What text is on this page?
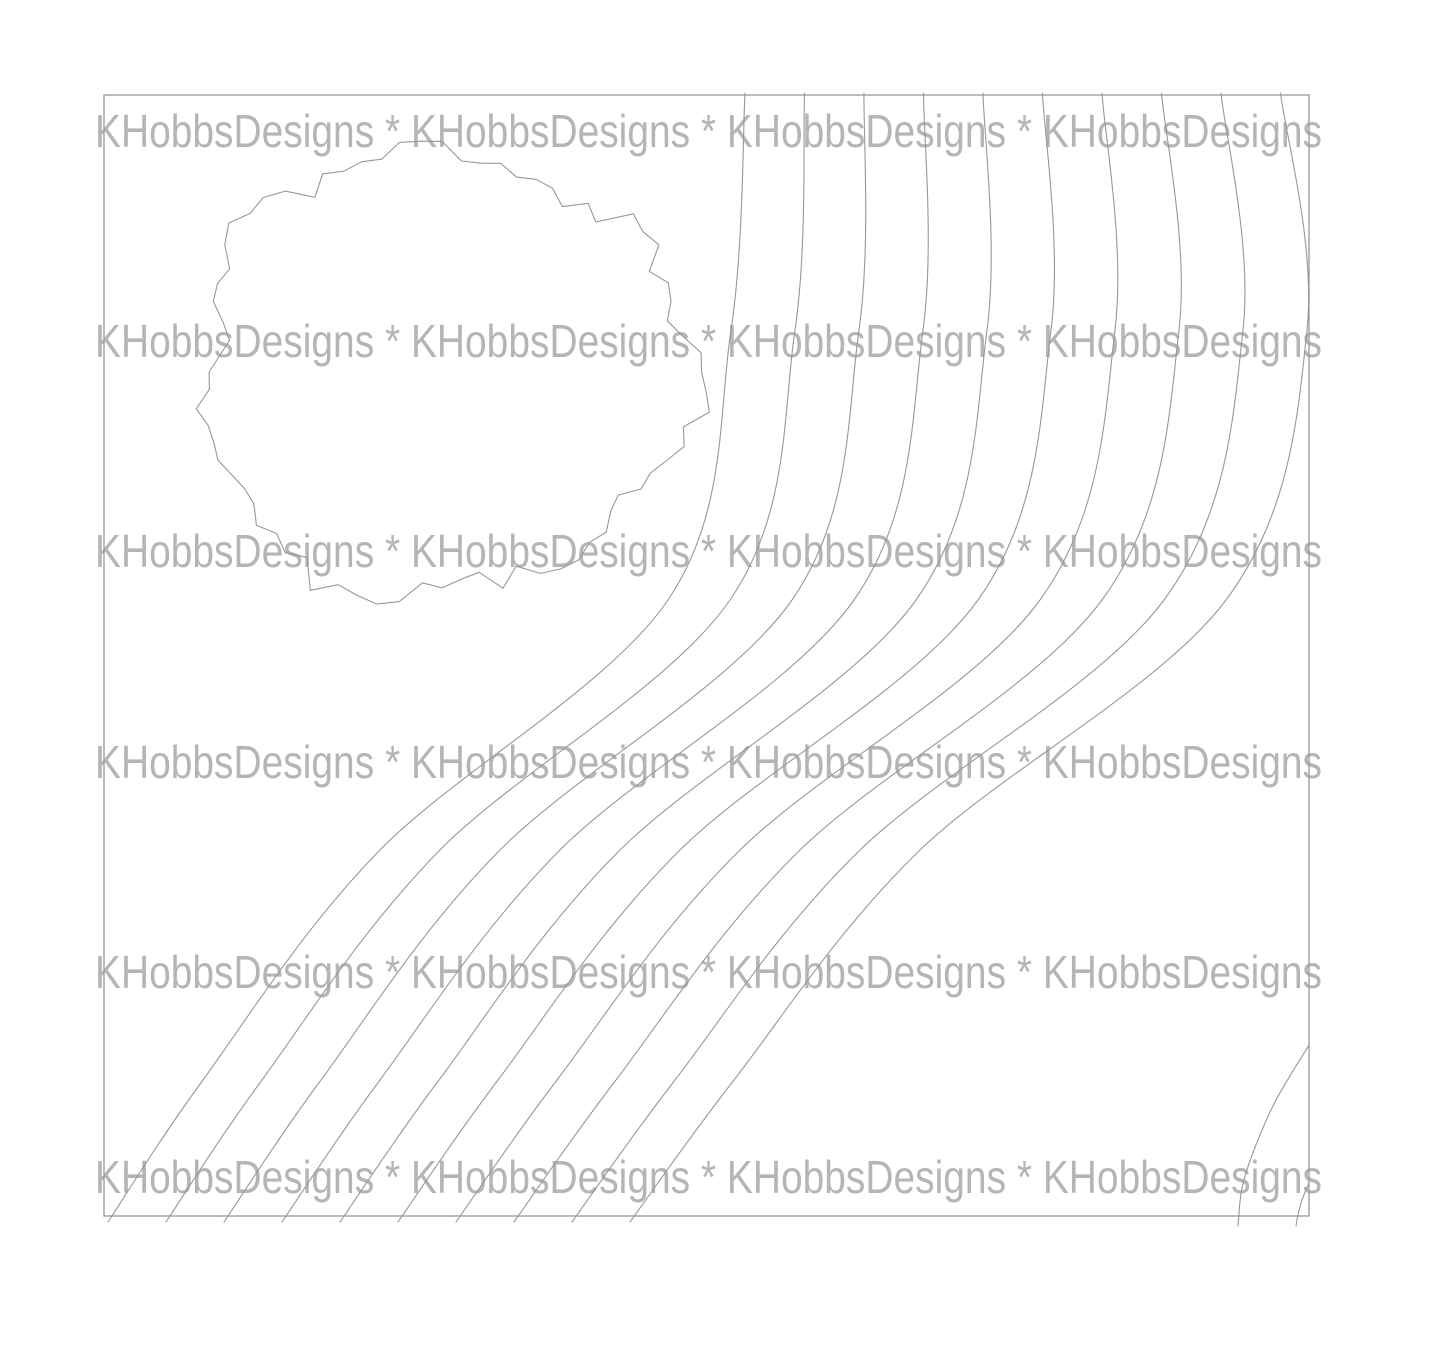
KHobbsDesigns * KHobbsDesigns * KHobbsDesigns * KHobbsDesigns
KHobbsDesigns * KHobbsDesigns * KHobbsDesigns * KHobbsDesigns
KHobbsDesigns * KHobbsDesigns * KHobbsDesigns * KHobbsDesigns
KHobbsDesigns * KHobbsDesigns * KHobbsDesigns * KHobbsDesigns
KHobbsDesigns * KHobbsDesigns * KHobbsDesigns * KHobbsDesigns
KHobbsDesigns * KHobbsDesigns * KHobbsDesigns * KHobbsDesigns
